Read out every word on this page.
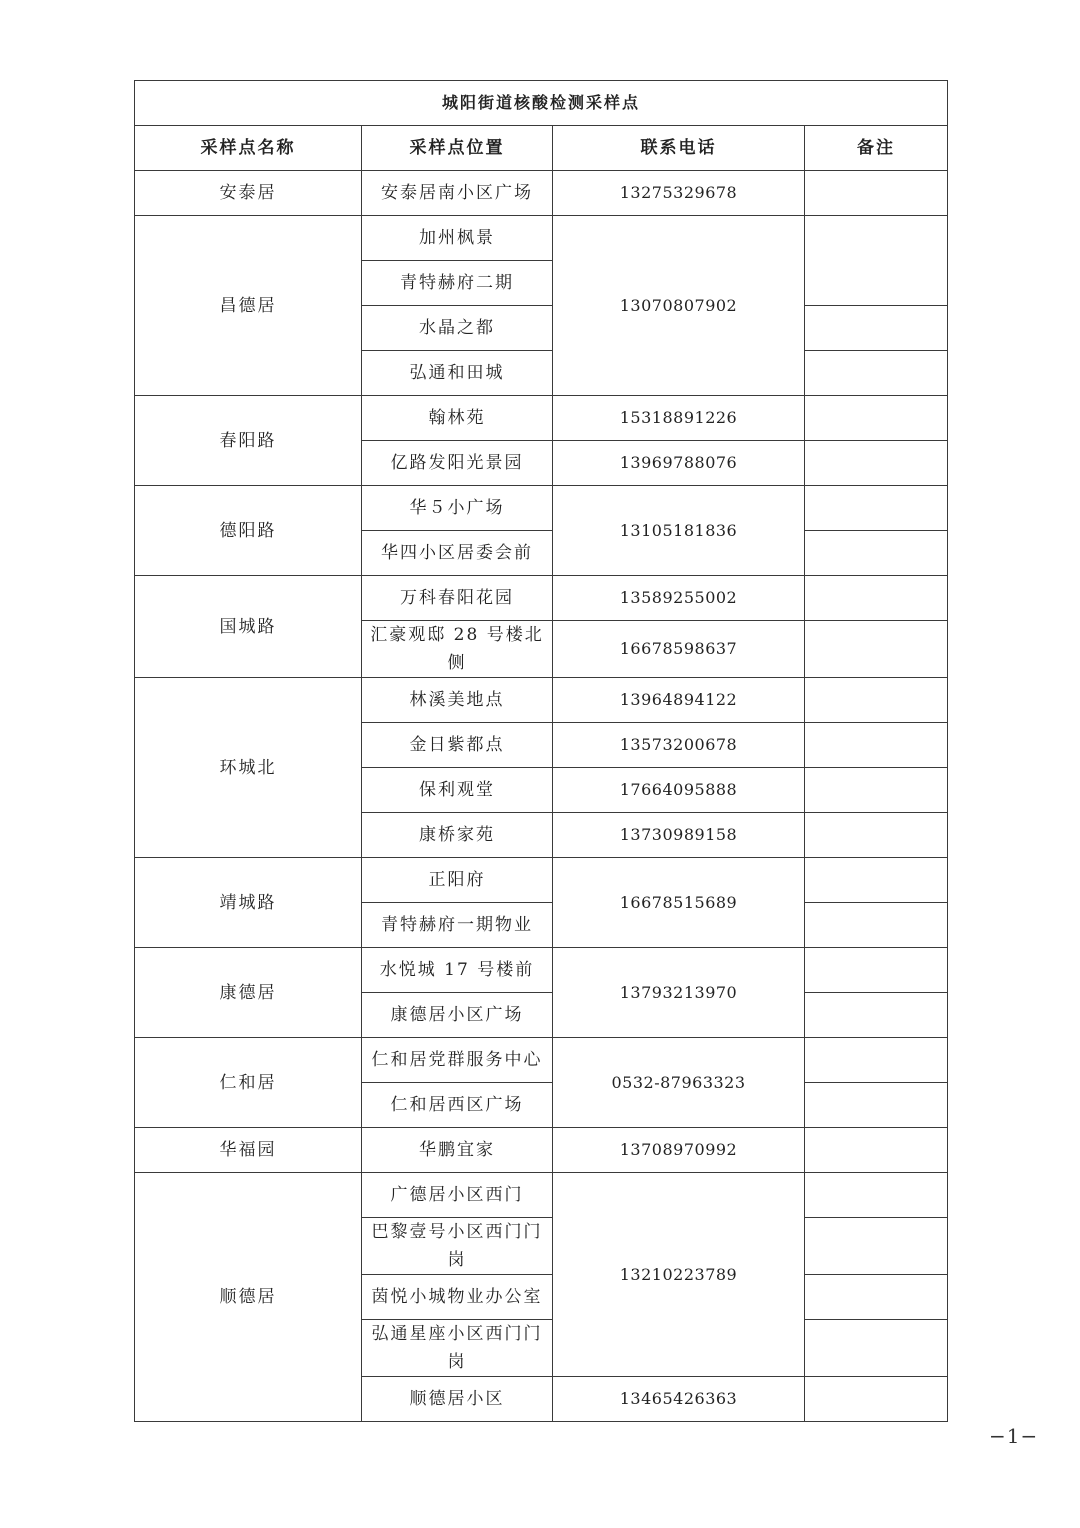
城阳街道核酸检测采样点			
采样点名称	采样点位置	联系电话	备注
安泰居	安泰居南小区广场	13275329678	
昌德居	加州枫景	13070807902	
	青特赫府二期		
	水晶之都		
	弘通和田城		
春阳路	翰林苑	15318891226	
	亿路发阳光景园	13969788076	
德阳路	华５小广场	13105181836	
	华四小区居委会前		
国城路	万科春阳花园	13589255002	
	汇豪观邸 28 号楼北侧	16678598637	
环城北	林溪美地点	13964894122	
	金日紫都点	13573200678	
	保利观堂	17664095888	
	康桥家苑	13730989158	
靖城路	正阳府	16678515689	
	青特赫府一期物业		
康德居	水悦城 17 号楼前	13793213970	
	康德居小区广场		
仁和居	仁和居党群服务中心	0532-87963323	
	仁和居西区广场		
华福园	华鹏宜家	13708970992	
顺德居	广德居小区西门	13210223789	
	巴黎壹号小区西门门岗		
	茵悦小城物业办公室		
	弘通星座小区西门门岗		
	顺德居小区	13465426363	
−1−
